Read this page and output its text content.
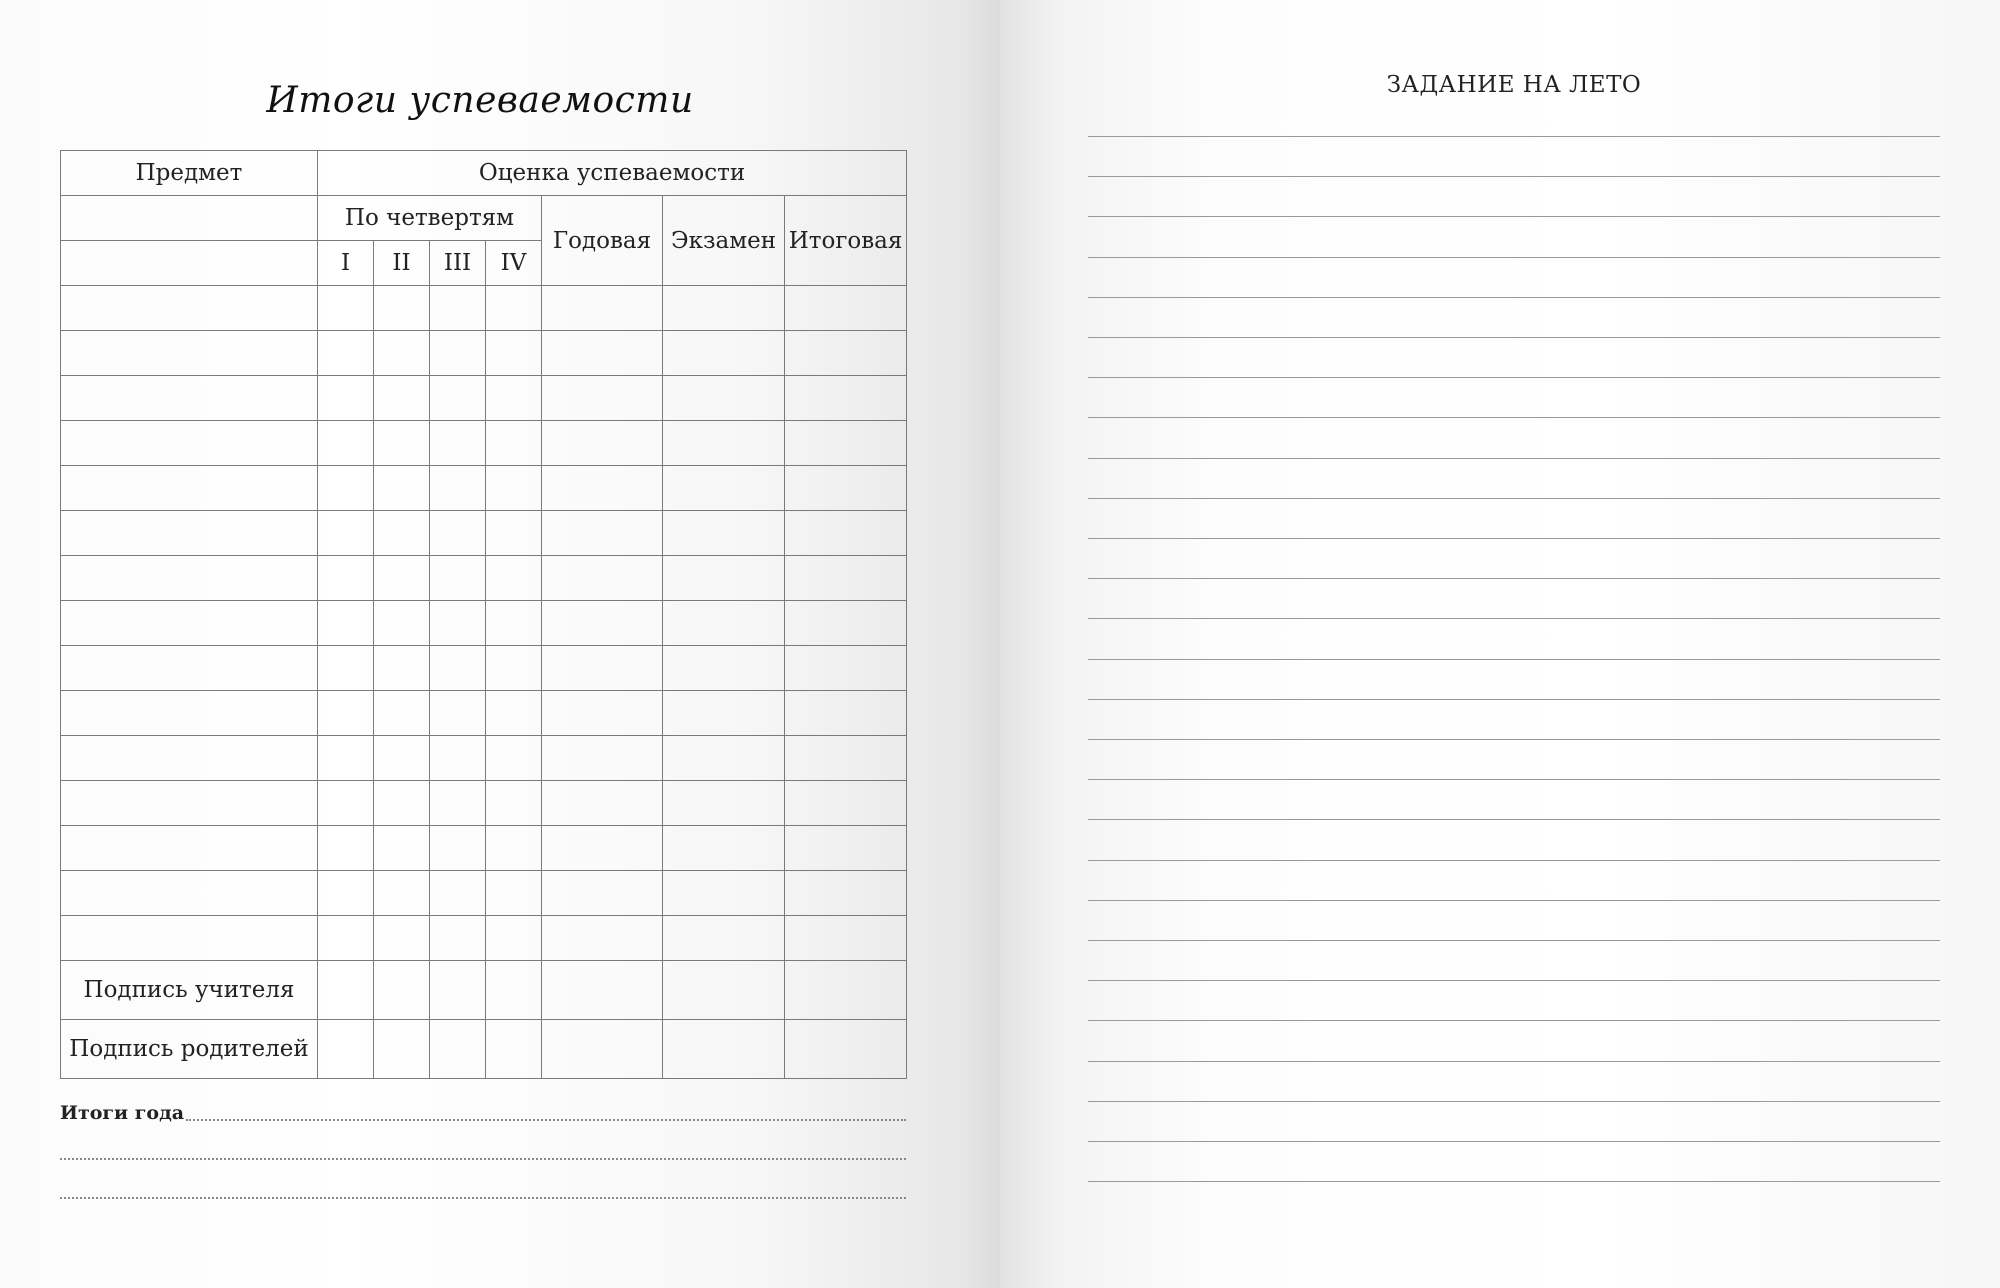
Итоги успеваемости
Предмет	Оценка успеваемости						
	По четвертям				Годовая	Экзамен	Итоговая
	I	II	III	IV			

Подпись учителя							
Подпись родителей							
Итоги года
ЗАДАНИЕ НА ЛЕТО
